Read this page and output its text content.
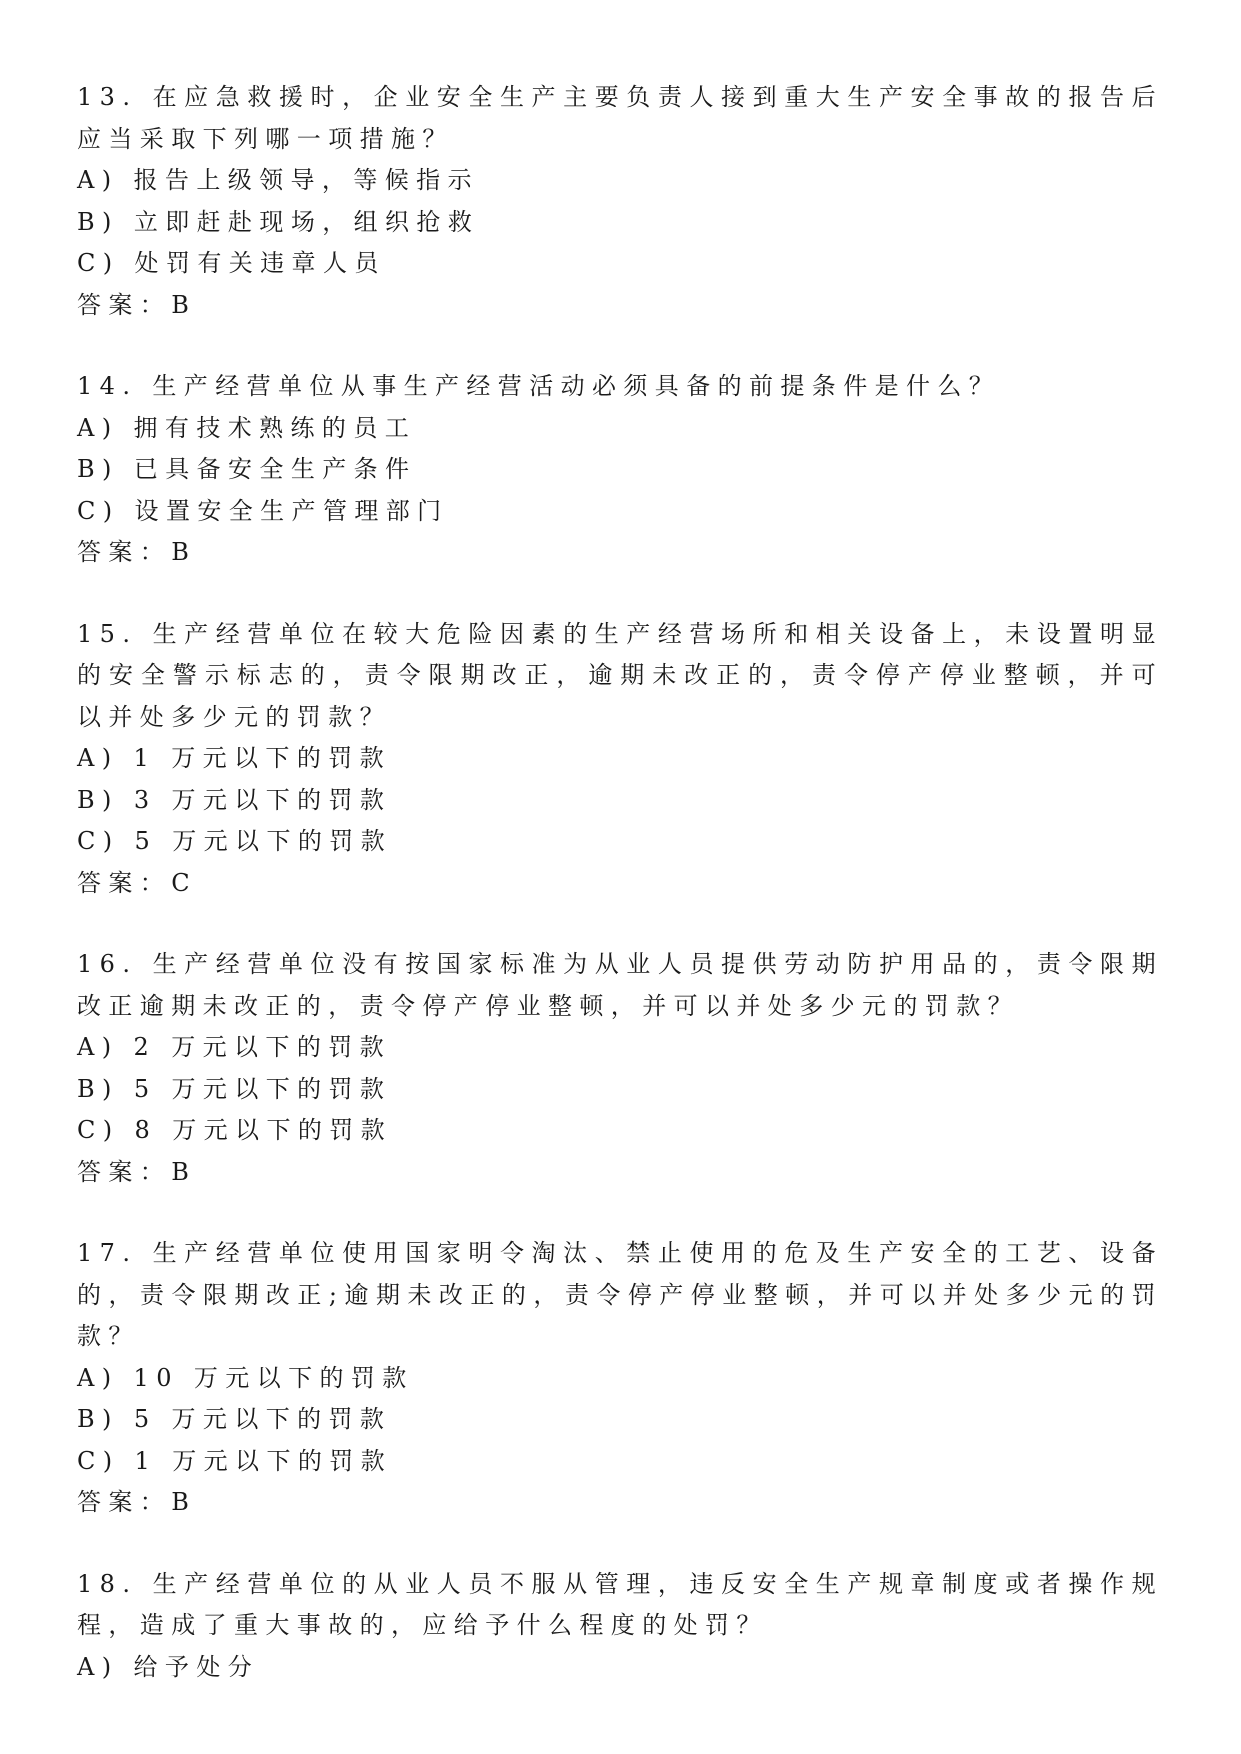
13. 在应急救援时，企业安全生产主要负责人接到重大生产安全事故的报告后应当采取下列哪一项措施？
A) 报告上级领导，等候指示
B) 立即赶赴现场，组织抢救
C) 处罚有关违章人员
答案：B
14. 生产经营单位从事生产经营活动必须具备的前提条件是什么？
A) 拥有技术熟练的员工
B) 已具备安全生产条件
C) 设置安全生产管理部门
答案：B
15. 生产经营单位在较大危险因素的生产经营场所和相关设备上，未设置明显的安全警示标志的，责令限期改正，逾期未改正的，责令停产停业整顿，并可以并处多少元的罚款？
A) 1 万元以下的罚款
B) 3 万元以下的罚款
C) 5 万元以下的罚款
答案：C
16. 生产经营单位没有按国家标准为从业人员提供劳动防护用品的，责令限期改正逾期未改正的，责令停产停业整顿，并可以并处多少元的罚款？
A) 2 万元以下的罚款
B) 5 万元以下的罚款
C) 8 万元以下的罚款
答案：B
17. 生产经营单位使用国家明令淘汰、禁止使用的危及生产安全的工艺、设备的，责令限期改正;逾期未改正的，责令停产停业整顿，并可以并处多少元的罚款？
A) 10 万元以下的罚款
B) 5 万元以下的罚款
C) 1 万元以下的罚款
答案：B
18. 生产经营单位的从业人员不服从管理，违反安全生产规章制度或者操作规程，造成了重大事故的，应给予什么程度的处罚？
A) 给予处分
